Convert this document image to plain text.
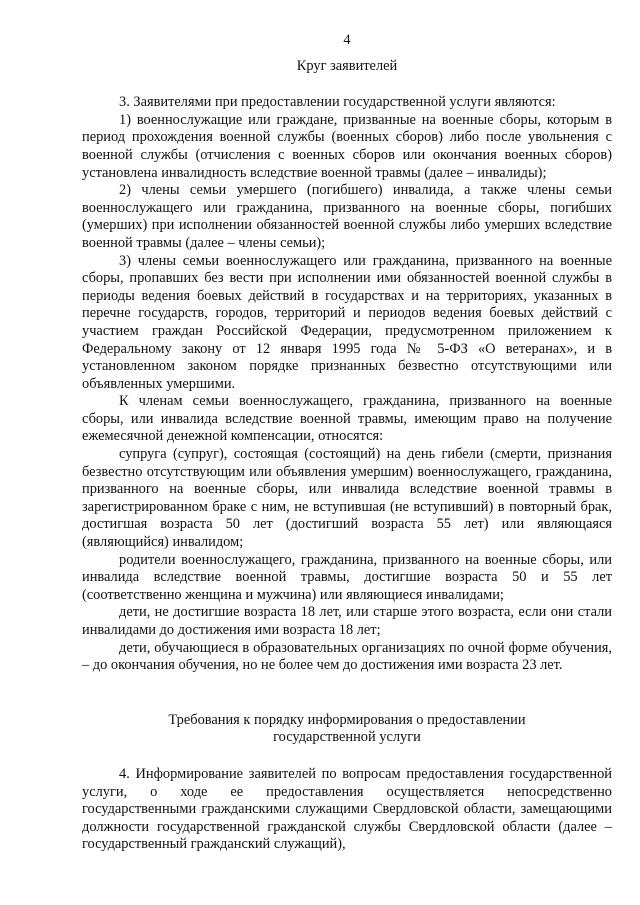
4

Круг заявителей

3. Заявителями при предоставлении государственной услуги являются:

1) военнослужащие или граждане, призванные на военные сборы, которым в период прохождения военной службы (военных сборов) либо после увольнения с военной службы (отчисления с военных сборов или окончания военных сборов) установлена инвалидность вследствие военной травмы (далее – инвалиды);

2) члены семьи умершего (погибшего) инвалида, а также члены семьи военнослужащего или гражданина, призванного на военные сборы, погибших (умерших) при исполнении обязанностей военной службы либо умерших вследствие военной травмы (далее – члены семьи);

3) члены семьи военнослужащего или гражданина, призванного на военные сборы, пропавших без вести при исполнении ими обязанностей военной службы в периоды ведения боевых действий в государствах и на территориях, указанных в перечне государств, городов, территорий и периодов ведения боевых действий с участием граждан Российской Федерации, предусмотренном приложением к Федеральному закону от 12 января 1995 года № 5-ФЗ «О ветеранах», и в установленном законом порядке признанных безвестно отсутствующими или объявленных умершими.

К членам семьи военнослужащего, гражданина, призванного на военные сборы, или инвалида вследствие военной травмы, имеющим право на получение ежемесячной денежной компенсации, относятся:

супруга (супруг), состоящая (состоящий) на день гибели (смерти, признания безвестно отсутствующим или объявления умершим) военнослужащего, гражданина, призванного на военные сборы, или инвалида вследствие военной травмы в зарегистрированном браке с ним, не вступившая (не вступивший) в повторный брак, достигшая возраста 50 лет (достигший возраста 55 лет) или являющаяся (являющийся) инвалидом;

родители военнослужащего, гражданина, призванного на военные сборы, или инвалида вследствие военной травмы, достигшие возраста 50 и 55 лет (соответственно женщина и мужчина) или являющиеся инвалидами;

дети, не достигшие возраста 18 лет, или старше этого возраста, если они стали инвалидами до достижения ими возраста 18 лет;

дети, обучающиеся в образовательных организациях по очной форме обучения, – до окончания обучения, но не более чем до достижения ими возраста 23 лет.

Требования к порядку информирования о предоставлении

государственной услуги

4. Информирование заявителей по вопросам предоставления государственной услуги, о ходе ее предоставления осуществляется непосредственно государственными гражданскими служащими Свердловской области, замещающими должности государственной гражданской службы Свердловской области (далее – государственный гражданский служащий),
